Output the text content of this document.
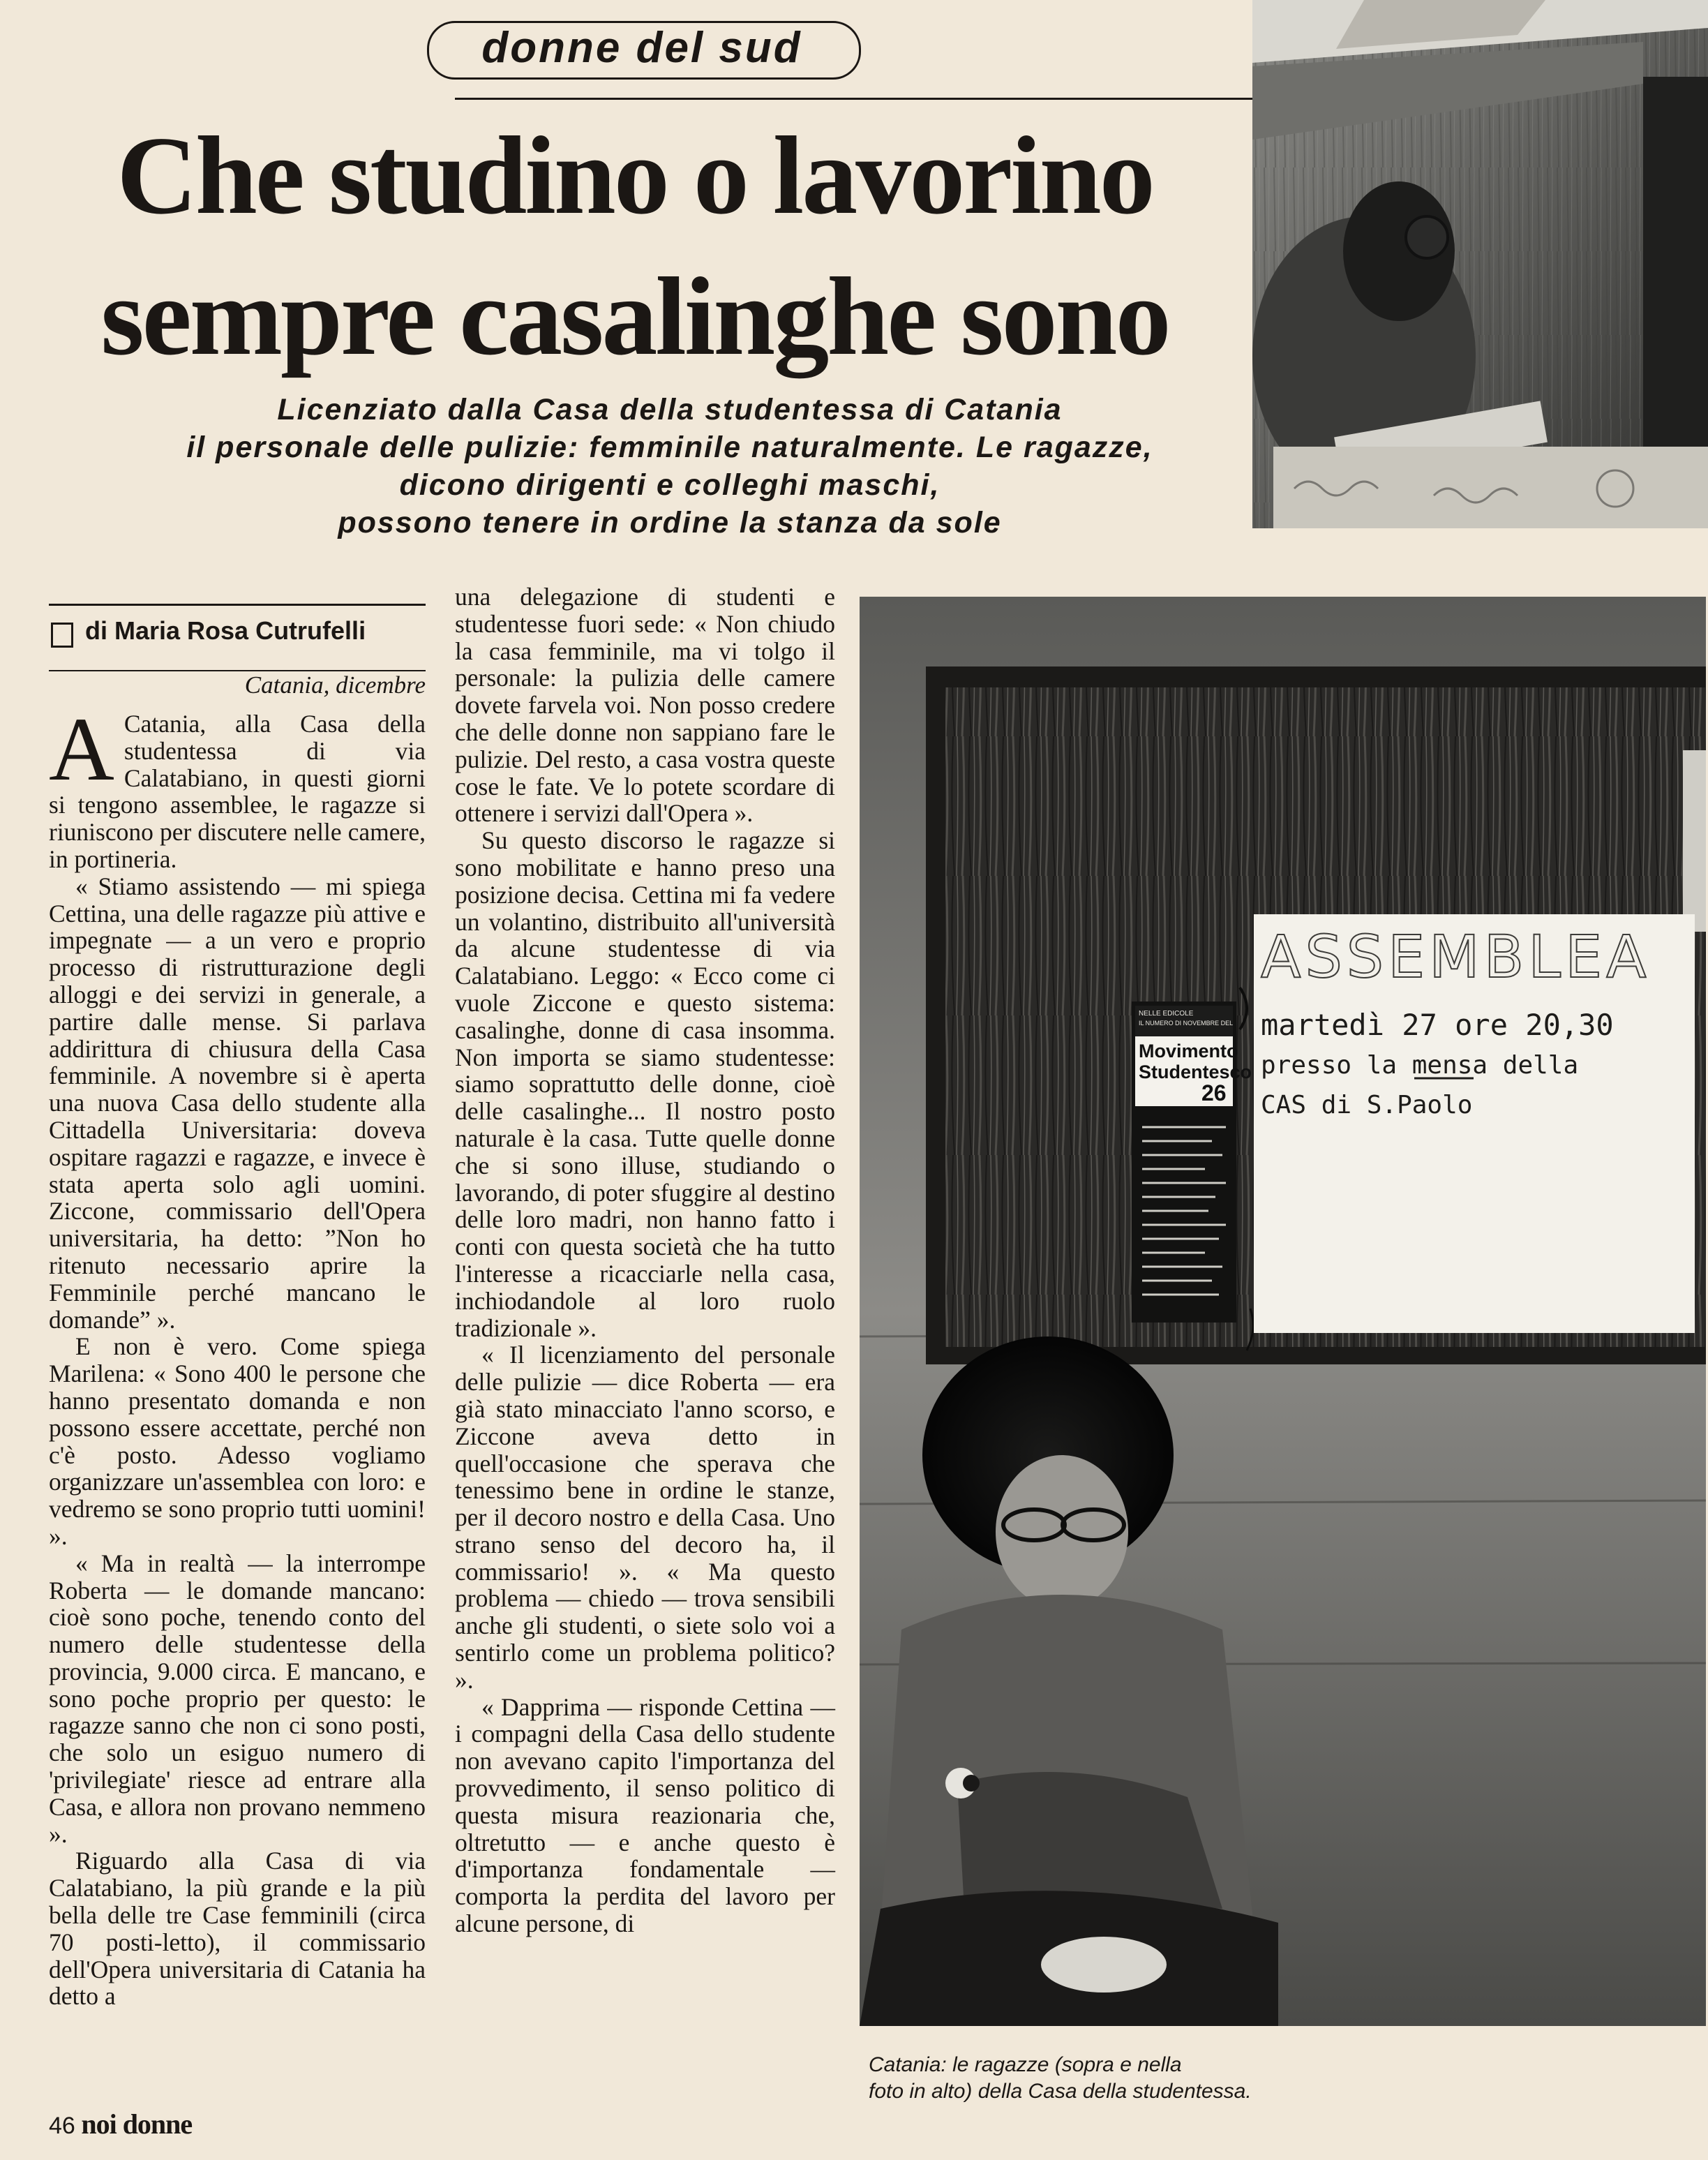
donne del sud
Che studino o lavorino
sempre casalinghe sono
Licenziato dalla Casa della studentessa di Catania
il personale delle pulizie: femminile naturalmente. Le ragazze,
dicono dirigenti e colleghi maschi,
possono tenere in ordine la stanza da sole
di Maria Rosa Cutrufelli
Catania, dicembre

A Catania, alla Casa della studentessa di via Calatabiano, in questi giorni si tengono assemblee, le ragazze si riuniscono per discutere nelle camere, in portineria.

« Stiamo assistendo — mi spiega Cettina, una delle ragazze più attive e impegnate — a un vero e proprio processo di ristrutturazione degli alloggi e dei servizi in generale, a partire dalle mense. Si parlava addirittura di chiusura della Casa femminile. A novembre si è aperta una nuova Casa dello studente alla Cittadella Universitaria: doveva ospitare ragazzi e ragazze, e invece è stata aperta solo agli uomini. Ziccone, commissario dell'Opera universitaria, ha detto: ”Non ho ritenuto necessario aprire la Femminile perché mancano le domande” ».

E non è vero. Come spiega Marilena: « Sono 400 le persone che hanno presentato domanda e non possono essere accettate, perché non c'è posto. Adesso vogliamo organizzare un'assemblea con loro: e vedremo se sono proprio tutti uomini! ».

« Ma in realtà — la interrompe Roberta — le domande mancano: cioè sono poche, tenendo conto del numero delle studentesse della provincia, 9.000 circa. E mancano, e sono poche proprio per questo: le ragazze sanno che non ci sono posti, che solo un esiguo numero di 'privilegiate' riesce ad entrare alla Casa, e allora non provano nemmeno ».

Riguardo alla Casa di via Calatabiano, la più grande e la più bella delle tre Case femminili (circa 70 posti-letto), il commissario dell'Opera universitaria di Catania ha detto a

una delegazione di studenti e studentesse fuori sede: « Non chiudo la casa femminile, ma vi tolgo il personale: la pulizia delle camere dovete farvela voi. Non posso credere che delle donne non sappiano fare le pulizie. Del resto, a casa vostra queste cose le fate. Ve lo potete scordare di ottenere i servizi dall'Opera ».

Su questo discorso le ragazze si sono mobilitate e hanno preso una posizione decisa. Cettina mi fa vedere un volantino, distribuito all'università da alcune studentesse di via Calatabiano. Leggo: « Ecco come ci vuole Ziccone e questo sistema: casalinghe, donne di casa insomma. Non importa se siamo studentesse: siamo soprattutto delle donne, cioè delle casalinghe... Il nostro posto naturale è la casa. Tutte quelle donne che si sono illuse, studiando o lavorando, di poter sfuggire al destino delle loro madri, non hanno fatto i conti con questa società che ha tutto l'interesse a ricacciarle nella casa, inchiodandole al loro ruolo tradizionale ».

« Il licenziamento del personale delle pulizie — dice Roberta — era già stato minacciato l'anno scorso, e Ziccone aveva detto in quell'occasione che sperava che tenessimo bene in ordine le stanze, per il decoro nostro e della Casa. Uno strano senso del decoro ha, il commissario! ». « Ma questo problema — chiedo — trova sensibili anche gli studenti, o siete solo voi a sentirlo come un problema politico? ».

« Dapprima — risponde Cettina — i compagni della Casa dello studente non avevano capito l'importanza del provvedimento, il senso politico di questa misura reazionaria che, oltretutto — e anche questo è d'importanza fondamentale — comporta la perdita del lavoro per alcune persone, di

NELLE EDICOLE
IL NUMERO DI NOVEMBRE DEL
Movimento
Studentesco
26
ASSEMBLEA
martedì 27 ore 20,30
presso la mensa della
CAS di S.Paolo
Catania: le ragazze (sopra e nella
foto in alto) della Casa della studentessa.
46 noi donne
